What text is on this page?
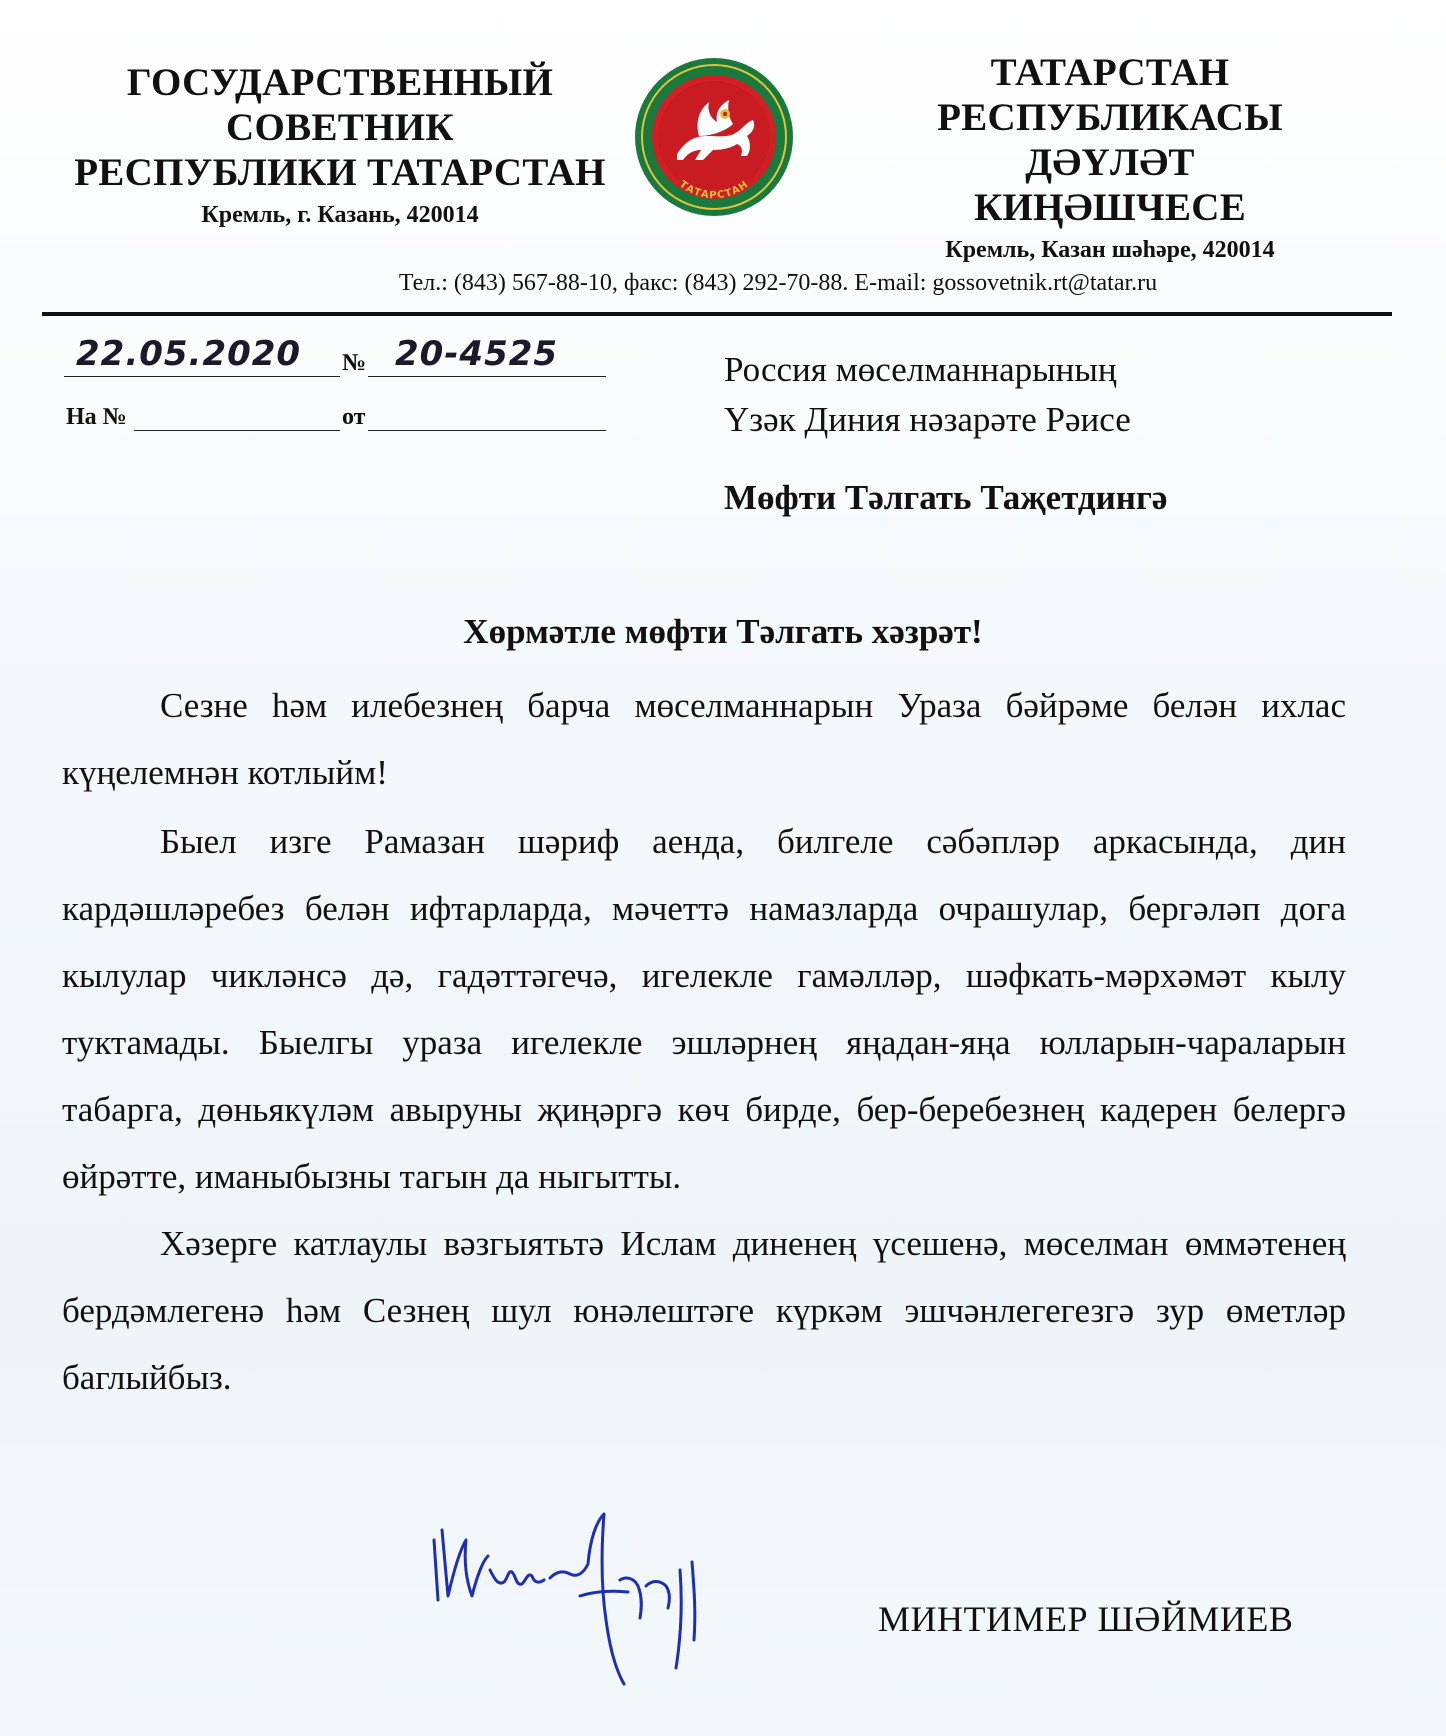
ГОСУДАРСТВЕННЫЙ
СОВЕТНИК
РЕСПУБЛИКИ ТАТАРСТАН
Кремль, г. Казань, 420014
ТАТАРСТАН
ТАТАРСТАН РЕСПУБЛИКАСЫ
ДӘҮЛӘТ
КИҢӘШЧЕСЕ
Кремль, Казан шәһәре, 420014
Тел.: (843) 567-88-10, факс: (843) 292-70-88. E-mail: gossovetnik.rt@tatar.ru
22.05.2020 № 20-4525
На №	от
Россия мөселманнарының
Үзәк Диния нәзарәте Рәисе
Мөфти Тәлгать Таҗетдингә
Хөрмәтле мөфти Тәлгать хәзрәт!

Сезне һәм илебезнең барча мөселманнарын Ураза бәйрәме белән ихлас күңелемнән котлыйм!

Быел изге Рамазан шәриф аенда, билгеле сәбәпләр аркасында, дин кардәшләребез белән ифтарларда, мәчеттә намазларда очрашулар, бергәләп дога кылулар чикләнсә дә, гадәттәгечә, игелекле гамәлләр, шәфкать-мәрхәмәт кылу туктамады. Быелгы ураза игелекле эшләрнең яңадан-яңа юлларын-чараларын табарга, дөньякүләм авыруны җиңәргә көч бирде, бер-беребезнең кадерен белергә өйрәтте, иманыбызны тагын да ныгытты.

Хәзерге катлаулы вәзгыятьтә Ислам диненең үсешенә, мөселман өммәтенең бердәмлегенә һәм Сезнең шул юнәлештәге күркәм эшчәнлегегезгә зур өметләр баглыйбыз.

МИНТИМЕР ШӘЙМИЕВ
